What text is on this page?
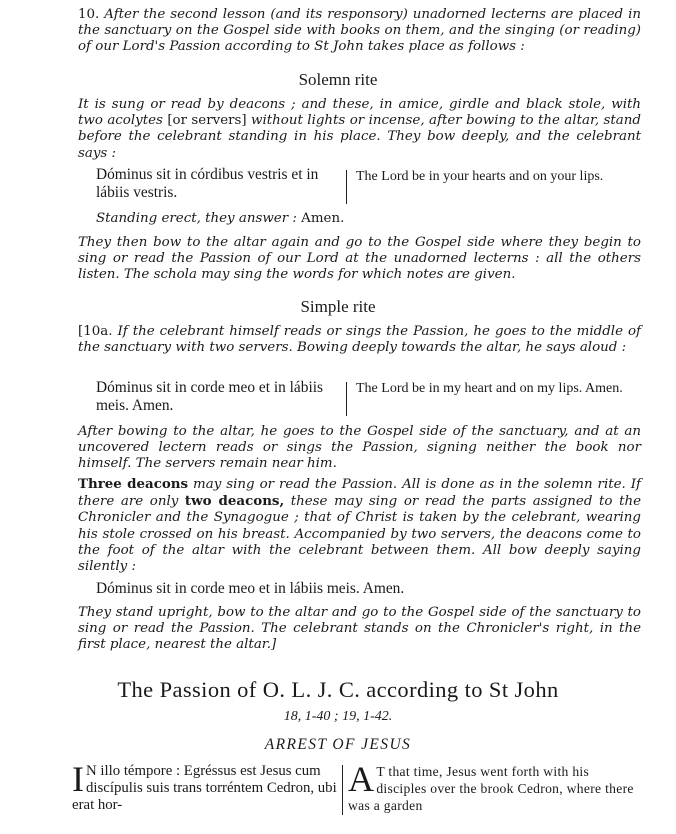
10. After the second lesson (and its responsory) unadorned lecterns are placed in the sanctuary on the Gospel side with books on them, and the singing (or reading) of our Lord's Passion according to St John takes place as follows :

Solemn rite

It is sung or read by deacons ; and these, in amice, girdle and black stole, with two acolytes [or servers] without lights or incense, after bowing to the altar, stand before the celebrant standing in his place. They bow deeply, and the celebrant says :

Dóminus sit in córdibus vestris et in lábiis vestris.
The Lord be in your hearts and on your lips.

Standing erect, they answer : Amen.

They then bow to the altar again and go to the Gospel side where they begin to sing or read the Passion of our Lord at the unadorned lecterns : all the others listen. The schola may sing the words for which notes are given.

Simple rite

[10a. If the celebrant himself reads or sings the Passion, he goes to the middle of the sanctuary with two servers. Bowing deeply towards the altar, he says aloud :

Dóminus sit in corde meo et in lábiis meis. Amen.
The Lord be in my heart and on my lips. Amen.

After bowing to the altar, he goes to the Gospel side of the sanctuary, and at an uncovered lectern reads or sings the Passion, signing neither the book nor himself. The servers remain near him.

Three deacons may sing or read the Passion. All is done as in the solemn rite. If there are only two deacons, these may sing or read the parts assigned to the Chronicler and the Synagogue ; that of Christ is taken by the celebrant, wearing his stole crossed on his breast. Accompanied by two servers, the deacons come to the foot of the altar with the celebrant between them. All bow deeply saying silently :

Dóminus sit in corde meo et in lábiis meis. Amen.

They stand upright, bow to the altar and go to the Gospel side of the sanctuary to sing or read the Passion. The celebrant stands on the Chronicler's right, in the first place, nearest the altar.]

The Passion of O. L. J. C. according to St John
18, 1-40 ; 19, 1-42.
ARREST OF JESUS
I N illo témpore : Egréssus est Jesus cum discípulis suis trans torréntem Cedron, ubi erat hor-
A T that time, Jesus went forth with his disciples over the brook Cedron, where there was a garden
